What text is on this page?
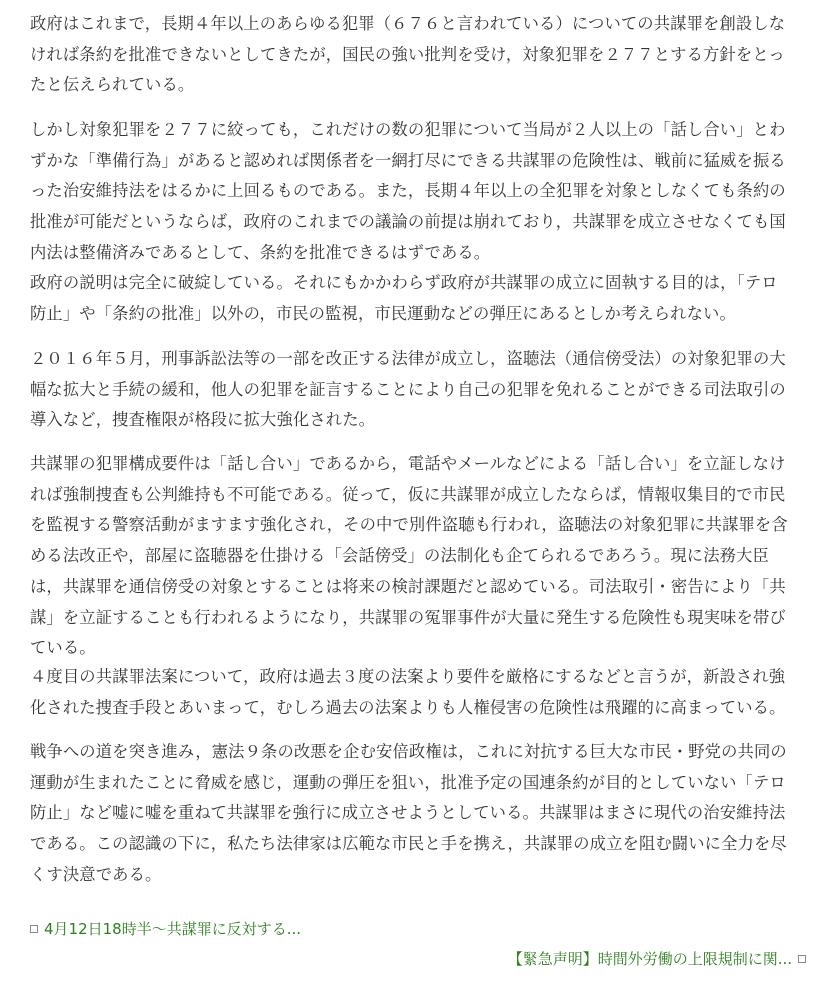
政府はこれまで，長期４年以上のあらゆる犯罪（６７６と言われている）についての共謀罪を創設しな
ければ条約を批准できないとしてきたが，国民の強い批判を受け，対象犯罪を２７７とする方針をとっ
たと伝えられている。

しかし対象犯罪を２７７に絞っても，これだけの数の犯罪について当局が２人以上の「話し合い」とわ
ずかな「準備行為」があると認めれば関係者を一網打尽にできる共謀罪の危険性は、戦前に猛威を振る
った治安維持法をはるかに上回るものである。また，長期４年以上の全犯罪を対象としなくても条約の
批准が可能だというならば，政府のこれまでの議論の前提は崩れており，共謀罪を成立させなくても国
内法は整備済みであるとして、条約を批准できるはずである。

政府の説明は完全に破綻している。それにもかかわらず政府が共謀罪の成立に固執する目的は，「テロ
防止」や「条約の批准」以外の，市民の監視，市民運動などの弾圧にあるとしか考えられない。

２０１６年５月，刑事訴訟法等の一部を改正する法律が成立し，盗聴法（通信傍受法）の対象犯罪の大
幅な拡大と手続の緩和，他人の犯罪を証言することにより自己の犯罪を免れることができる司法取引の
導入など，捜査権限が格段に拡大強化された。

共謀罪の犯罪構成要件は「話し合い」であるから，電話やメールなどによる「話し合い」を立証しなけ
れば強制捜査も公判維持も不可能である。従って，仮に共謀罪が成立したならば，情報収集目的で市民
を監視する警察活動がますます強化され，その中で別件盗聴も行われ，盗聴法の対象犯罪に共謀罪を含
める法改正や，部屋に盗聴器を仕掛ける「会話傍受」の法制化も企てられるであろう。現に法務大臣
は，共謀罪を通信傍受の対象とすることは将来の検討課題だと認めている。司法取引・密告により「共
謀」を立証することも行われるようになり，共謀罪の冤罪事件が大量に発生する危険性も現実味を帯び
ている。

４度目の共謀罪法案について，政府は過去３度の法案より要件を厳格にするなどと言うが，新設され強
化された捜査手段とあいまって，むしろ過去の法案よりも人権侵害の危険性は飛躍的に高まっている。

戦争への道を突き進み，憲法９条の改悪を企む安倍政権は，これに対抗する巨大な市民・野党の共同の
運動が生まれたことに脅威を感じ，運動の弾圧を狙い，批准予定の国連条約が目的としていない「テロ
防止」など嘘に嘘を重ねて共謀罪を強行に成立させようとしている。共謀罪はまさに現代の治安維持法
である。この認識の下に，私たち法律家は広範な市民と手を携え，共謀罪の成立を阻む闘いに全力を尽
くす決意である。

4月12日18時半〜共謀罪に反対する...
【緊急声明】時間外労働の上限規制に関...
